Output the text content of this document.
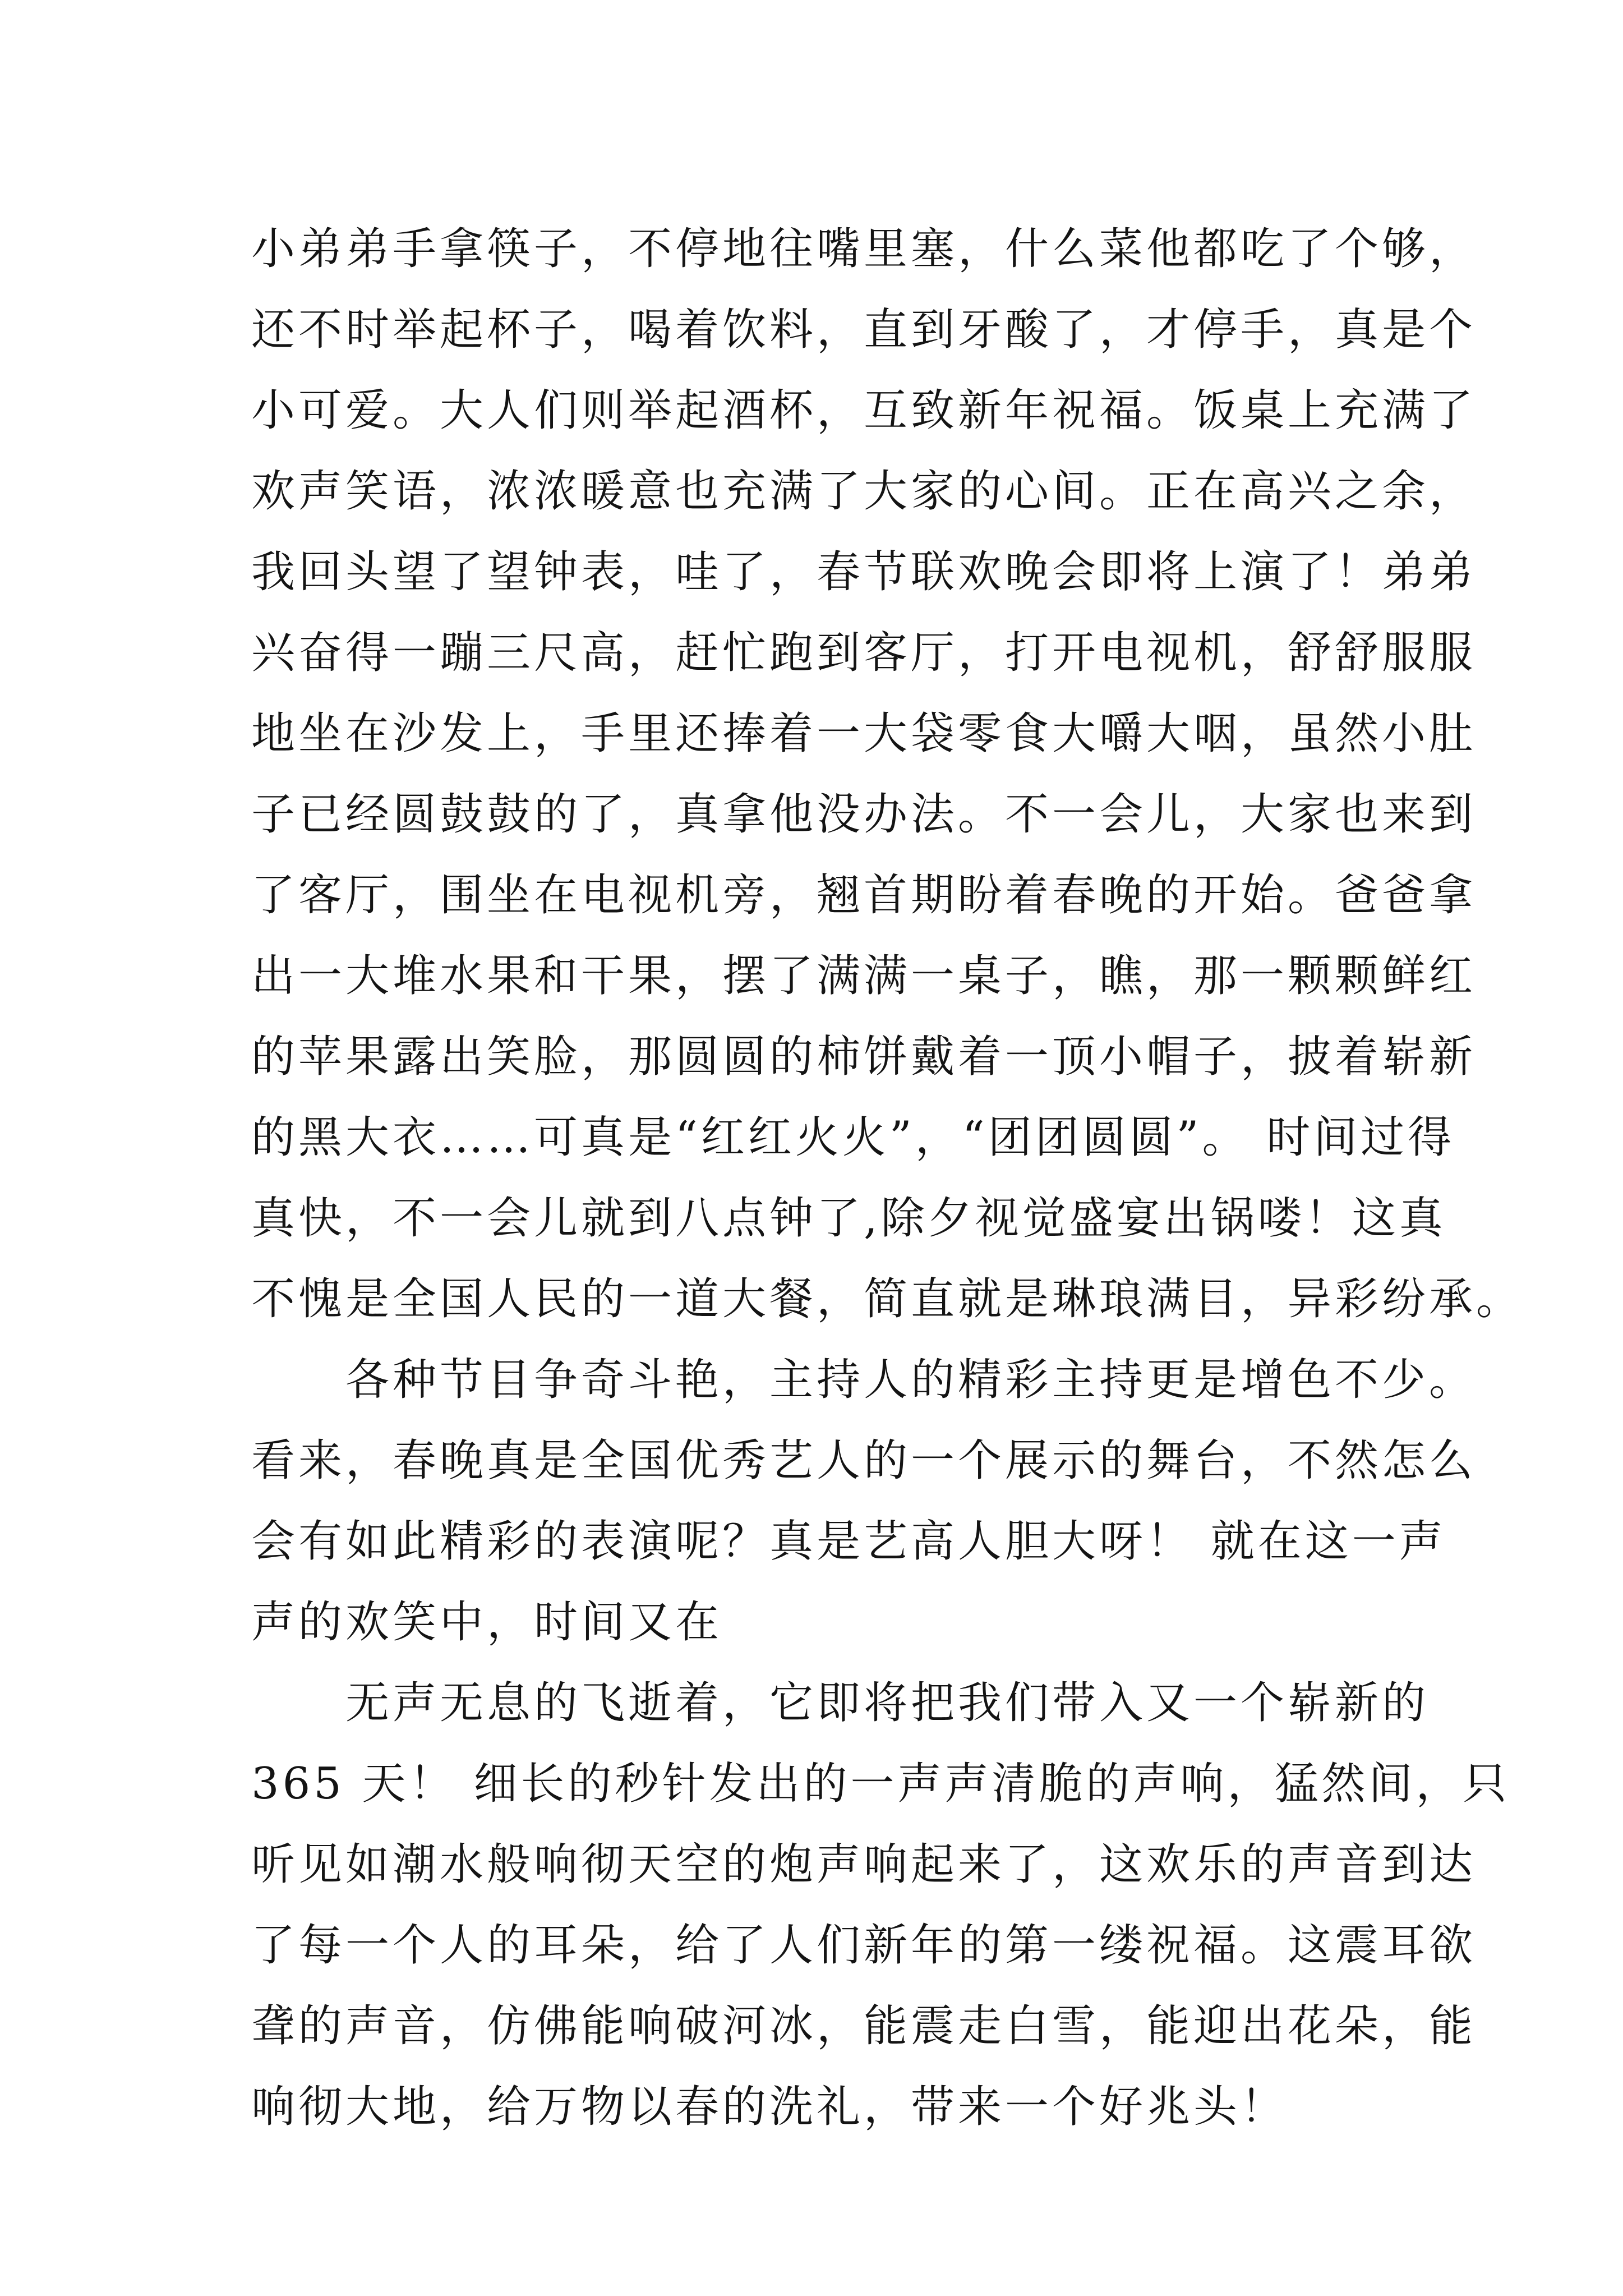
小弟弟手拿筷子，不停地往嘴里塞，什么菜他都吃了个够，
还不时举起杯子，喝着饮料，直到牙酸了，才停手，真是个
小可爱。大人们则举起酒杯，互致新年祝福。饭桌上充满了
欢声笑语，浓浓暖意也充满了大家的心间。正在高兴之余，
我回头望了望钟表，哇了，春节联欢晚会即将上演了！弟弟
兴奋得一蹦三尺高，赶忙跑到客厅，打开电视机，舒舒服服
地坐在沙发上，手里还捧着一大袋零食大嚼大咽，虽然小肚
子已经圆鼓鼓的了，真拿他没办法。不一会儿，大家也来到
了客厅，围坐在电视机旁，翘首期盼着春晚的开始。爸爸拿
出一大堆水果和干果，摆了满满一桌子，瞧，那一颗颗鲜红
的苹果露出笑脸，那圆圆的柿饼戴着一顶小帽子，披着崭新
的黑大衣……可真是“红红火火”，“团团圆圆”。 时间过得
真快，不一会儿就到八点钟了,除夕视觉盛宴出锅喽！这真
不愧是全国人民的一道大餐，简直就是琳琅满目，异彩纷承。
各种节目争奇斗艳，主持人的精彩主持更是增色不少。
看来，春晚真是全国优秀艺人的一个展示的舞台，不然怎么
会有如此精彩的表演呢？真是艺高人胆大呀！ 就在这一声
声的欢笑中，时间又在
无声无息的飞逝着，它即将把我们带入又一个崭新的
365 天！ 细长的秒针发出的一声声清脆的声响，猛然间，只
听见如潮水般响彻天空的炮声响起来了，这欢乐的声音到达
了每一个人的耳朵，给了人们新年的第一缕祝福。这震耳欲
聋的声音，仿佛能响破河冰，能震走白雪，能迎出花朵，能
响彻大地，给万物以春的洗礼，带来一个好兆头！
